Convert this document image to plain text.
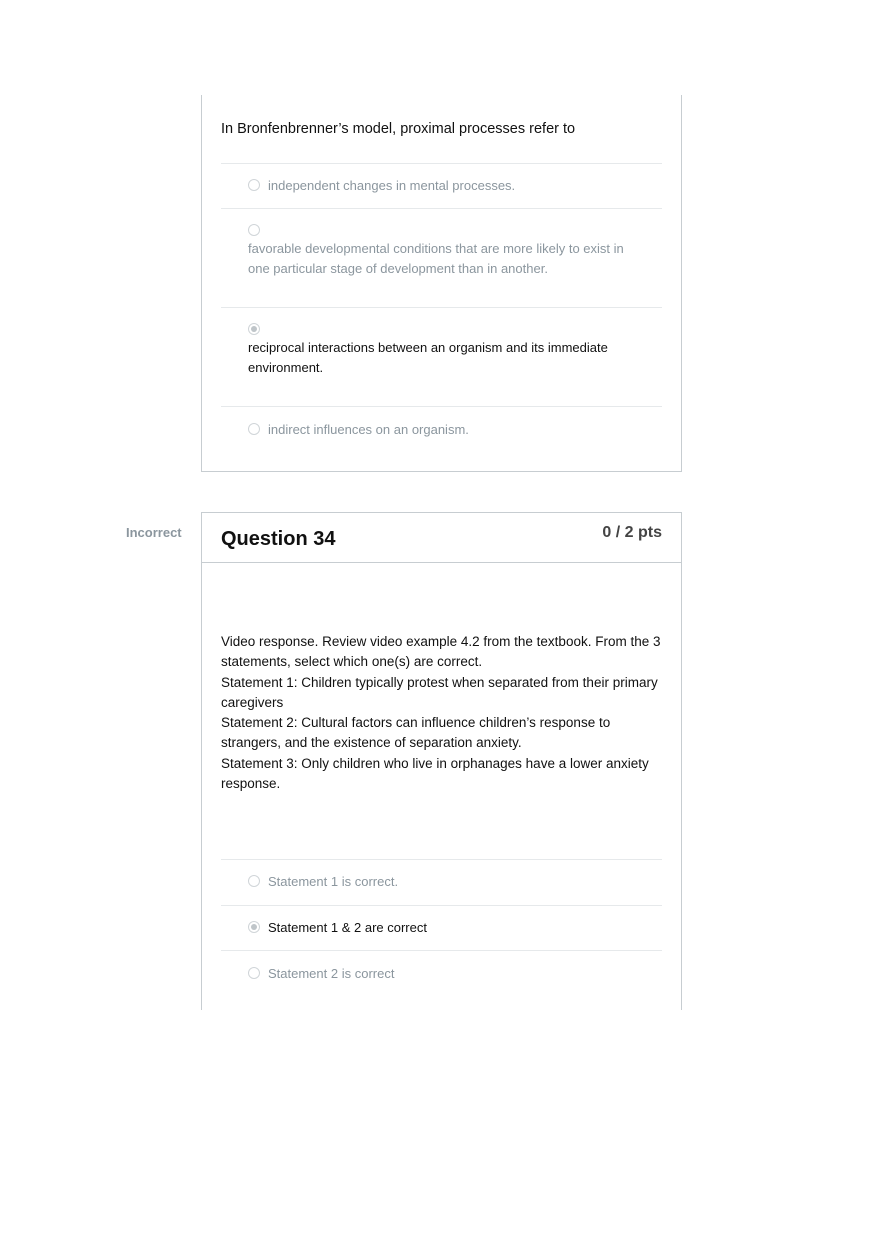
In Bronfenbrenner’s model, proximal processes refer to
independent changes in mental processes.
favorable developmental conditions that are more likely to exist in one particular stage of development than in another.
reciprocal interactions between an organism and its immediate environment.
indirect influences on an organism.
Incorrect Question 34	0 / 2 pts

Video response. Review video example 4.2 from the textbook. From the 3 statements, select which one(s) are correct.

Statement 1: Children typically protest when separated from their primary caregivers

Statement 2: Cultural factors can influence children’s response to strangers, and the existence of separation anxiety.

Statement 3: Only children who live in orphanages have a lower anxiety response.

Statement 1 is correct.
Statement 1 & 2 are correct
Statement 2 is correct
